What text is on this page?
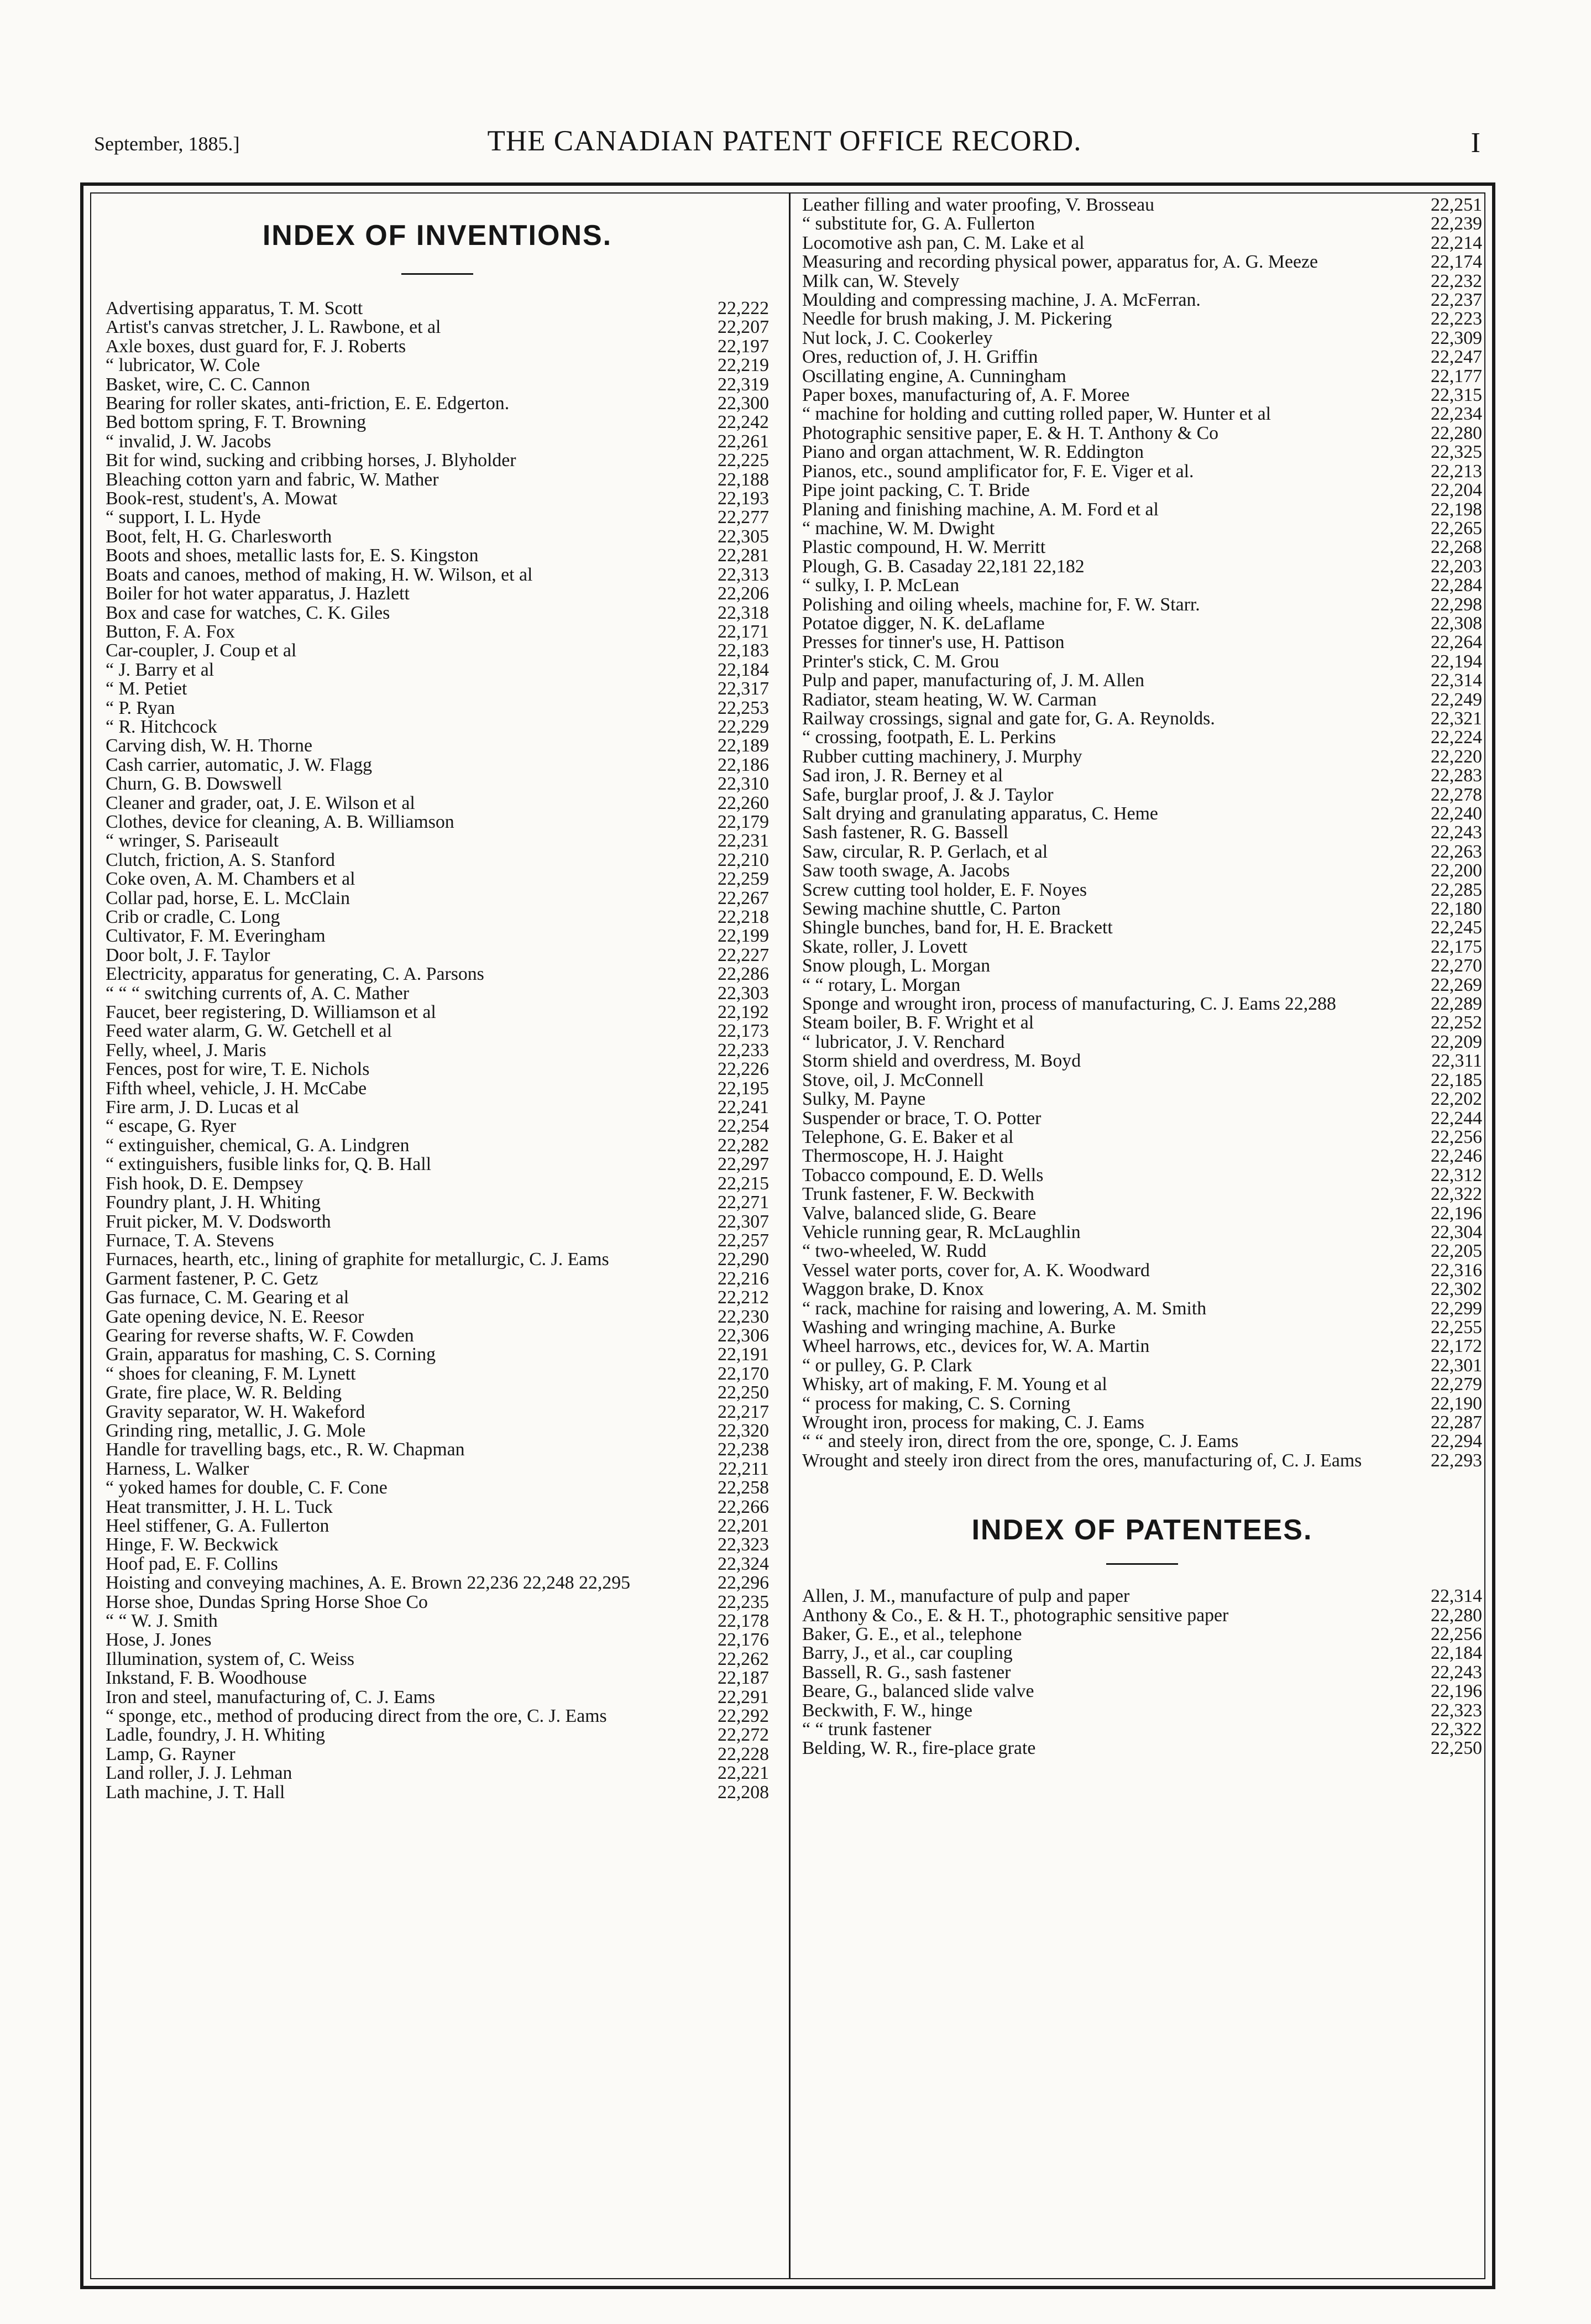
September, 1885.]	THE CANADIAN PATENT OFFICE RECORD.	I
INDEX OF INVENTIONS.
Advertising apparatus, T. M. Scott	22,222
Artist's canvas stretcher, J. L. Rawbone, et al	22,207
Axle boxes, dust guard for, F. J. Roberts	22,197
“ lubricator, W. Cole	22,219
Basket, wire, C. C. Cannon	22,319
Bearing for roller skates, anti-friction, E. E. Edgerton.	22,300
Bed bottom spring, F. T. Browning	22,242
“ invalid, J. W. Jacobs	22,261
Bit for wind, sucking and cribbing horses, J. Blyholder	22,225
Bleaching cotton yarn and fabric, W. Mather	22,188
Book-rest, student's, A. Mowat	22,193
“ support, I. L. Hyde	22,277
Boot, felt, H. G. Charlesworth	22,305
Boots and shoes, metallic lasts for, E. S. Kingston	22,281
Boats and canoes, method of making, H. W. Wilson, et al	22,313
Boiler for hot water apparatus, J. Hazlett	22,206
Box and case for watches, C. K. Giles	22,318
Button, F. A. Fox	22,171
Car-coupler, J. Coup et al	22,183
“ J. Barry et al	22,184
“ M. Petiet	22,317
“ P. Ryan	22,253
“ R. Hitchcock	22,229
Carving dish, W. H. Thorne	22,189
Cash carrier, automatic, J. W. Flagg	22,186
Churn, G. B. Dowswell	22,310
Cleaner and grader, oat, J. E. Wilson et al	22,260
Clothes, device for cleaning, A. B. Williamson	22,179
“ wringer, S. Pariseault	22,231
Clutch, friction, A. S. Stanford	22,210
Coke oven, A. M. Chambers et al	22,259
Collar pad, horse, E. L. McClain	22,267
Crib or cradle, C. Long	22,218
Cultivator, F. M. Everingham	22,199
Door bolt, J. F. Taylor	22,227
Electricity, apparatus for generating, C. A. Parsons	22,286
“ “ “ switching currents of, A. C. Mather	22,303
Faucet, beer registering, D. Williamson et al	22,192
Feed water alarm, G. W. Getchell et al	22,173
Felly, wheel, J. Maris	22,233
Fences, post for wire, T. E. Nichols	22,226
Fifth wheel, vehicle, J. H. McCabe	22,195
Fire arm, J. D. Lucas et al	22,241
“ escape, G. Ryer	22,254
“ extinguisher, chemical, G. A. Lindgren	22,282
“ extinguishers, fusible links for, Q. B. Hall	22,297
Fish hook, D. E. Dempsey	22,215
Foundry plant, J. H. Whiting	22,271
Fruit picker, M. V. Dodsworth	22,307
Furnace, T. A. Stevens	22,257
Furnaces, hearth, etc., lining of graphite for metallurgic, C. J. Eams	22,290
Garment fastener, P. C. Getz	22,216
Gas furnace, C. M. Gearing et al	22,212
Gate opening device, N. E. Reesor	22,230
Gearing for reverse shafts, W. F. Cowden	22,306
Grain, apparatus for mashing, C. S. Corning	22,191
“ shoes for cleaning, F. M. Lynett	22,170
Grate, fire place, W. R. Belding	22,250
Gravity separator, W. H. Wakeford	22,217
Grinding ring, metallic, J. G. Mole	22,320
Handle for travelling bags, etc., R. W. Chapman	22,238
Harness, L. Walker	22,211
“ yoked hames for double, C. F. Cone	22,258
Heat transmitter, J. H. L. Tuck	22,266
Heel stiffener, G. A. Fullerton	22,201
Hinge, F. W. Beckwick	22,323
Hoof pad, E. F. Collins	22,324
Hoisting and conveying machines, A. E. Brown 22,236 22,248 22,295	22,296
Horse shoe, Dundas Spring Horse Shoe Co	22,235
“ “ W. J. Smith	22,178
Hose, J. Jones	22,176
Illumination, system of, C. Weiss	22,262
Inkstand, F. B. Woodhouse	22,187
Iron and steel, manufacturing of, C. J. Eams	22,291
“ sponge, etc., method of producing direct from the ore, C. J. Eams	22,292
Ladle, foundry, J. H. Whiting	22,272
Lamp, G. Rayner	22,228
Land roller, J. J. Lehman	22,221
Lath machine, J. T. Hall	22,208
Leather filling and water proofing, V. Brosseau	22,251
“ substitute for, G. A. Fullerton	22,239
Locomotive ash pan, C. M. Lake et al	22,214
Measuring and recording physical power, apparatus for, A. G. Meeze	22,174
Milk can, W. Stevely	22,232
Moulding and compressing machine, J. A. McFerran.	22,237
Needle for brush making, J. M. Pickering	22,223
Nut lock, J. C. Cookerley	22,309
Ores, reduction of, J. H. Griffin	22,247
Oscillating engine, A. Cunningham	22,177
Paper boxes, manufacturing of, A. F. Moree	22,315
“ machine for holding and cutting rolled paper, W. Hunter et al	22,234
Photographic sensitive paper, E. & H. T. Anthony & Co	22,280
Piano and organ attachment, W. R. Eddington	22,325
Pianos, etc., sound amplificator for, F. E. Viger et al.	22,213
Pipe joint packing, C. T. Bride	22,204
Planing and finishing machine, A. M. Ford et al	22,198
“ machine, W. M. Dwight	22,265
Plastic compound, H. W. Merritt	22,268
Plough, G. B. Casaday 22,181 22,182	22,203
“ sulky, I. P. McLean	22,284
Polishing and oiling wheels, machine for, F. W. Starr.	22,298
Potatoe digger, N. K. deLaflame	22,308
Presses for tinner's use, H. Pattison	22,264
Printer's stick, C. M. Grou	22,194
Pulp and paper, manufacturing of, J. M. Allen	22,314
Radiator, steam heating, W. W. Carman	22,249
Railway crossings, signal and gate for, G. A. Reynolds.	22,321
“ crossing, footpath, E. L. Perkins	22,224
Rubber cutting machinery, J. Murphy	22,220
Sad iron, J. R. Berney et al	22,283
Safe, burglar proof, J. & J. Taylor	22,278
Salt drying and granulating apparatus, C. Heme	22,240
Sash fastener, R. G. Bassell	22,243
Saw, circular, R. P. Gerlach, et al	22,263
Saw tooth swage, A. Jacobs	22,200
Screw cutting tool holder, E. F. Noyes	22,285
Sewing machine shuttle, C. Parton	22,180
Shingle bunches, band for, H. E. Brackett	22,245
Skate, roller, J. Lovett	22,175
Snow plough, L. Morgan	22,270
“ “ rotary, L. Morgan	22,269
Sponge and wrought iron, process of manufacturing, C. J. Eams 22,288	22,289
Steam boiler, B. F. Wright et al	22,252
“ lubricator, J. V. Renchard	22,209
Storm shield and overdress, M. Boyd	22,311
Stove, oil, J. McConnell	22,185
Sulky, M. Payne	22,202
Suspender or brace, T. O. Potter	22,244
Telephone, G. E. Baker et al	22,256
Thermoscope, H. J. Haight	22,246
Tobacco compound, E. D. Wells	22,312
Trunk fastener, F. W. Beckwith	22,322
Valve, balanced slide, G. Beare	22,196
Vehicle running gear, R. McLaughlin	22,304
“ two-wheeled, W. Rudd	22,205
Vessel water ports, cover for, A. K. Woodward	22,316
Waggon brake, D. Knox	22,302
“ rack, machine for raising and lowering, A. M. Smith	22,299
Washing and wringing machine, A. Burke	22,255
Wheel harrows, etc., devices for, W. A. Martin	22,172
“ or pulley, G. P. Clark	22,301
Whisky, art of making, F. M. Young et al	22,279
“ process for making, C. S. Corning	22,190
Wrought iron, process for making, C. J. Eams	22,287
“ “ and steely iron, direct from the ore, sponge, C. J. Eams	22,294
Wrought and steely iron direct from the ores, manufacturing of, C. J. Eams	22,293
INDEX OF PATENTEES.
Allen, J. M., manufacture of pulp and paper	22,314
Anthony & Co., E. & H. T., photographic sensitive paper	22,280
Baker, G. E., et al., telephone	22,256
Barry, J., et al., car coupling	22,184
Bassell, R. G., sash fastener	22,243
Beare, G., balanced slide valve	22,196
Beckwith, F. W., hinge	22,323
“ “ trunk fastener	22,322
Belding, W. R., fire-place grate	22,250
